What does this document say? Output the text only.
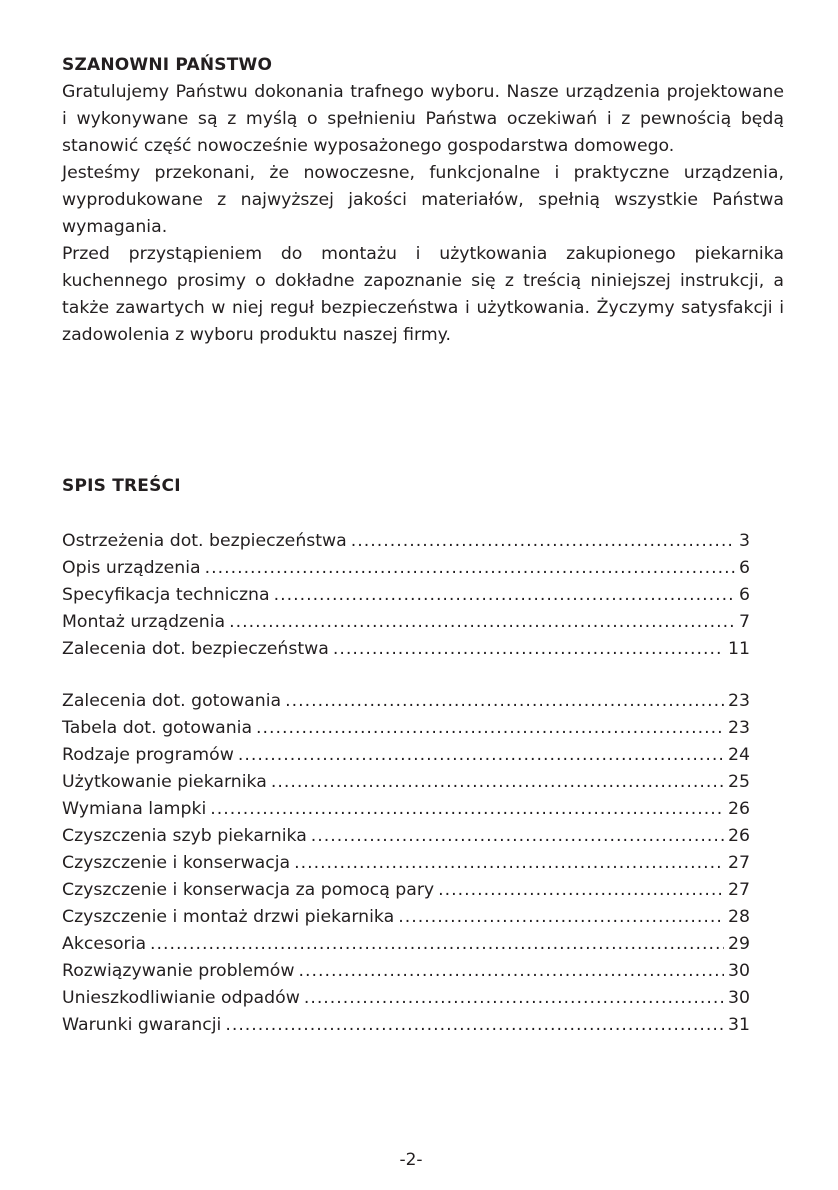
SZANOWNI PAŃSTWO

Gratulujemy Państwu dokonania trafnego wyboru. Nasze urządzenia projektowane i wykonywane są z myślą o spełnieniu Państwa oczekiwań i z pewnością będą stanowić część nowocześnie wyposażonego gospodarstwa domowego.

Jesteśmy przekonani, że nowoczesne, funkcjonalne i praktyczne urządzenia, wyprodukowane z najwyższej jakości materiałów, spełnią wszystkie Państwa wymagania.

Przed przystąpieniem do montażu i użytkowania zakupionego piekarnika kuchennego prosimy o dokładne zapoznanie się z treścią niniejszej instrukcji, a także zawartych w niej reguł bezpieczeństwa i użytkowania. Życzymy satysfakcji i zadowolenia z wyboru produktu naszej firmy.

SPIS TREŚCI
Ostrzeżenia dot. bezpieczeństwa .....	3
Opis urządzenia .....	6
Specyfikacja techniczna .....	6
Montaż urządzenia .....	7
Zalecenia dot. bezpieczeństwa .....	11
Zalecenia dot. gotowania .....	23
Tabela dot. gotowania .....	23
Rodzaje programów .....	24
Użytkowanie piekarnika .....	25
Wymiana lampki .....	26
Czyszczenia szyb piekarnika .....	26
Czyszczenie i konserwacja .....	27
Czyszczenie i konserwacja za pomocą pary .....	27
Czyszczenie i montaż drzwi piekarnika .....	28
Akcesoria .....	29
Rozwiązywanie problemów .....	30
Unieszkodliwianie odpadów .....	30
Warunki gwarancji .....	31
-2-
